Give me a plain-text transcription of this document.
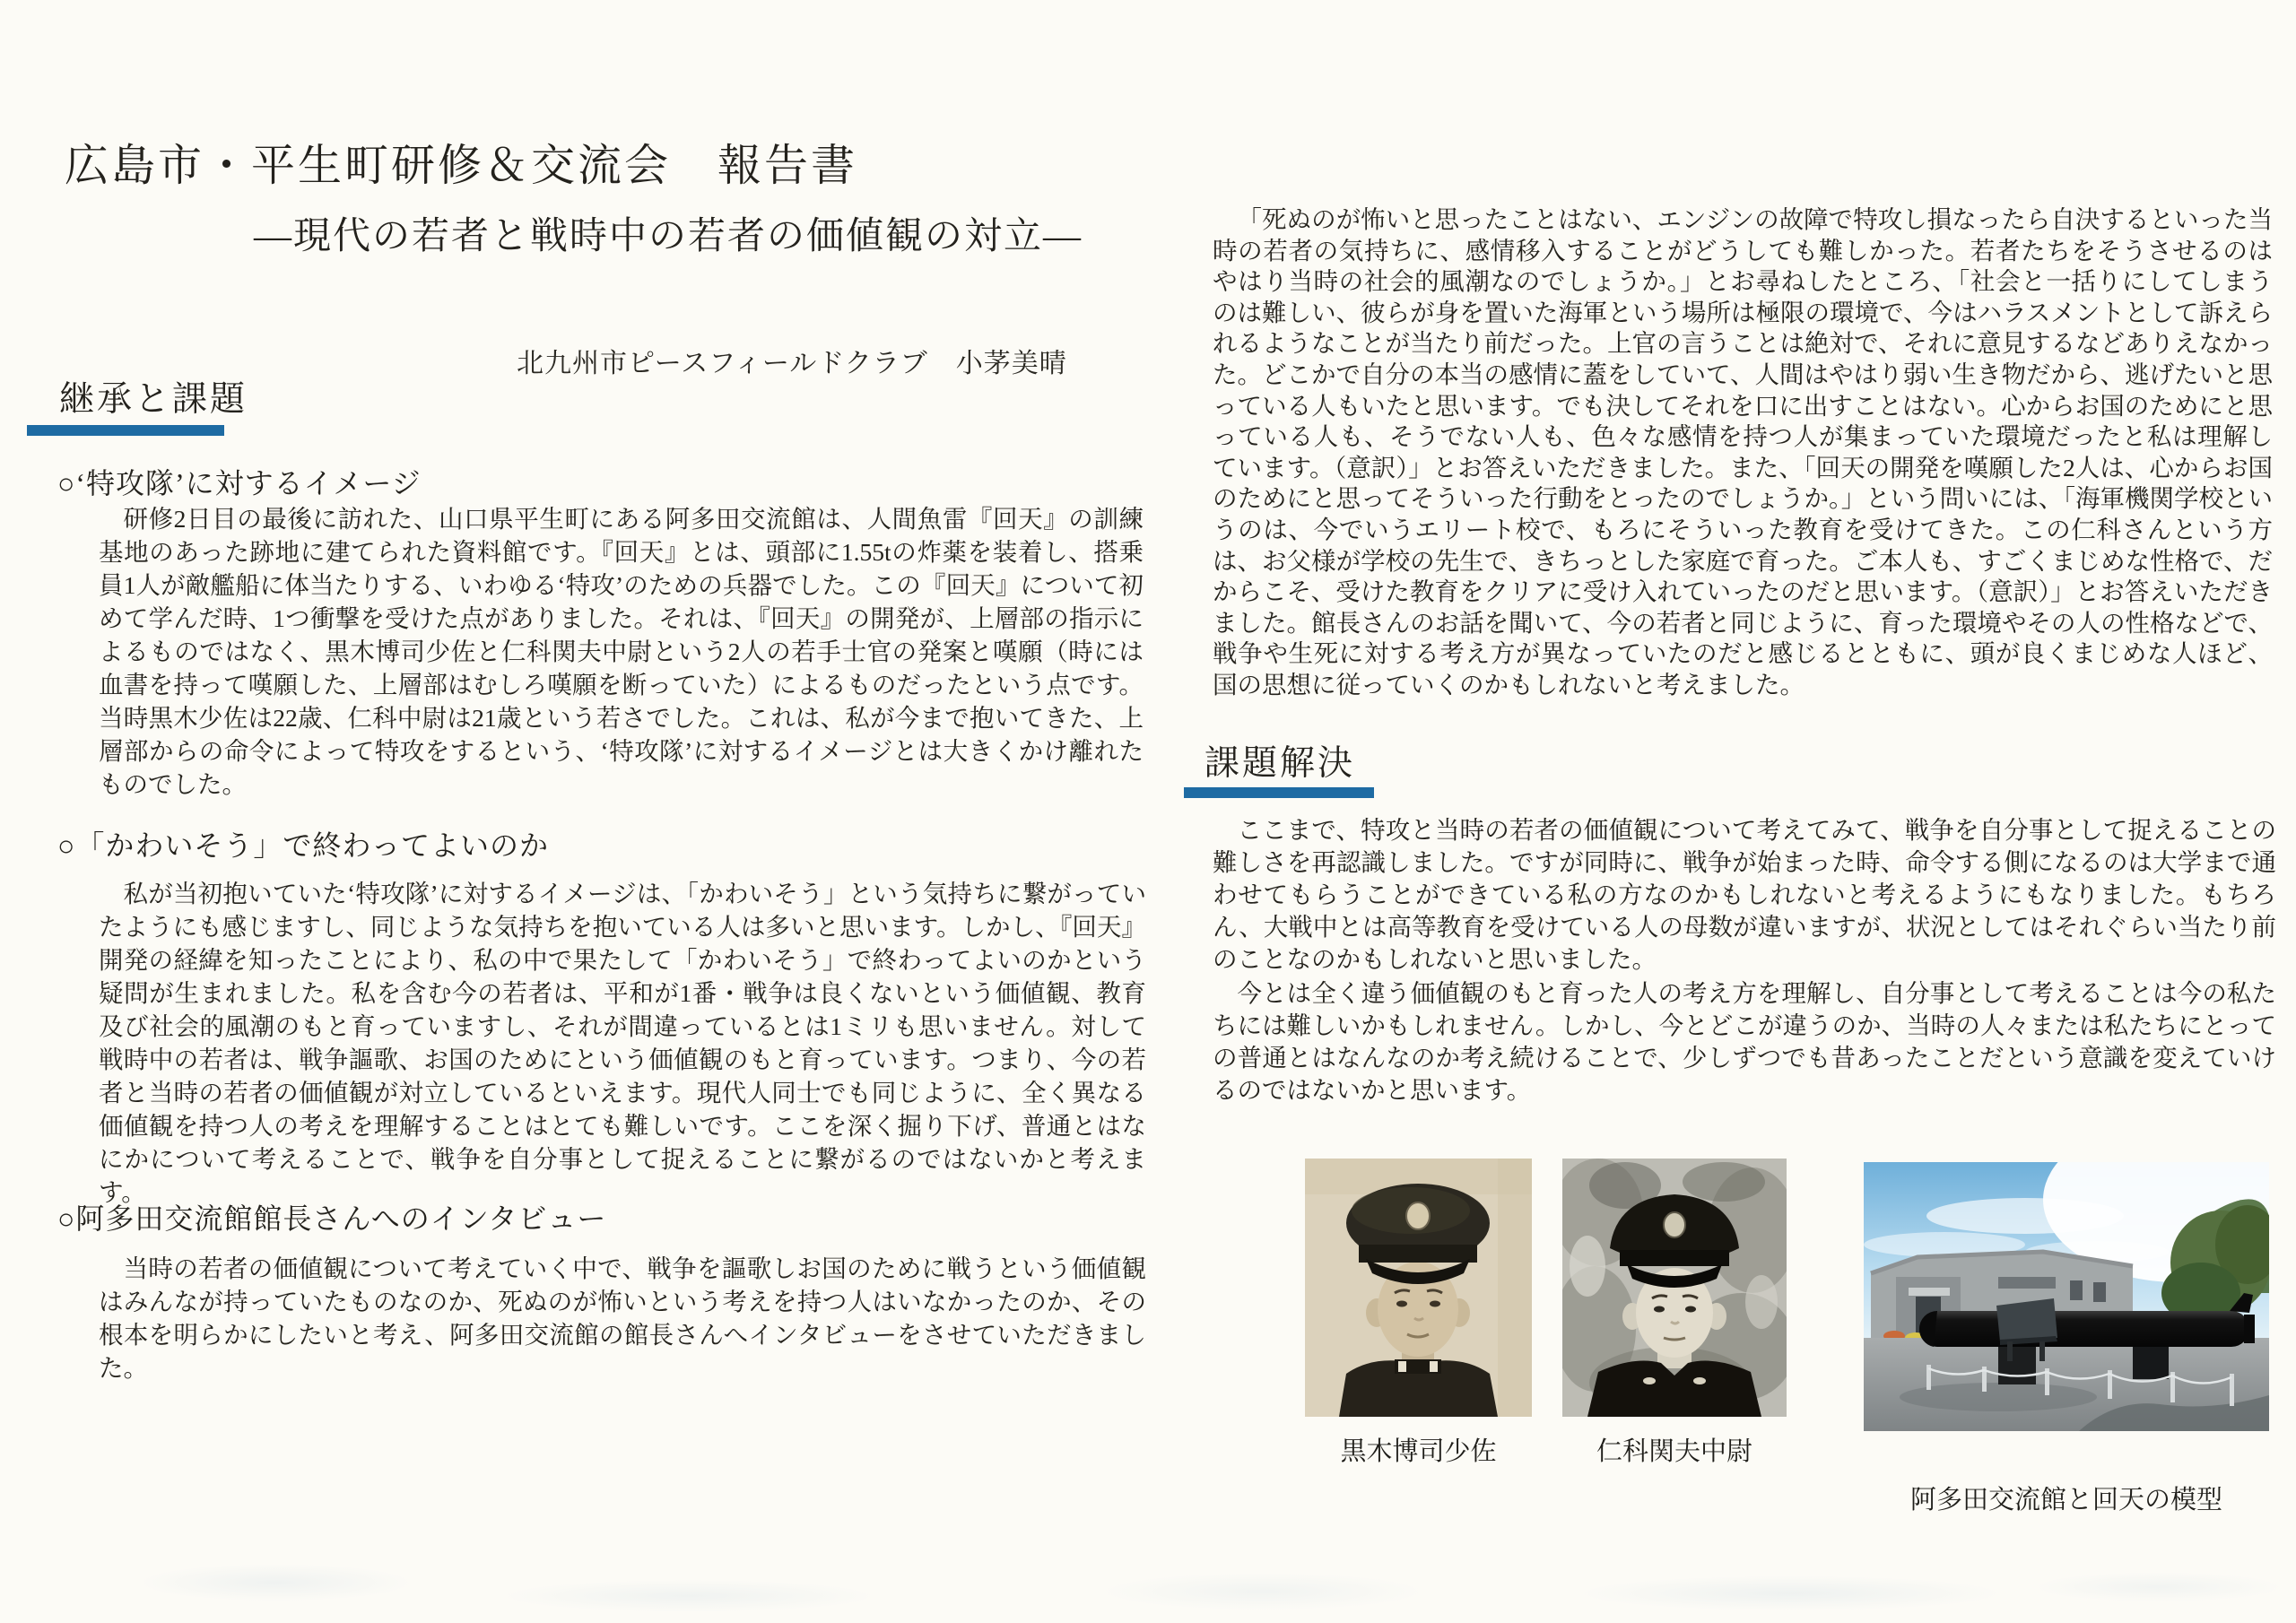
広島市・平生町研修＆交流会　報告書
―現代の若者と戦時中の若者の価値観の対立―
北九州市ピースフィールドクラブ　小茅美晴
継承と課題
○‘特攻隊’に対するイメージ

研修2日目の最後に訪れた、山口県平生町にある阿多田交流館は、人間魚雷『回天』の訓練基地のあった跡地に建てられた資料館です。『回天』とは、頭部に1.55tの炸薬を装着し、搭乗員1人が敵艦船に体当たりする、いわゆる‘特攻’のための兵器でした。この『回天』について初めて学んだ時、1つ衝撃を受けた点がありました。それは、『回天』の開発が、上層部の指示によるものではなく、黒木博司少佐と仁科関夫中尉という2人の若手士官の発案と嘆願（時には血書を持って嘆願した、上層部はむしろ嘆願を断っていた）によるものだったという点です。当時黒木少佐は22歳、仁科中尉は21歳という若さでした。これは、私が今まで抱いてきた、上層部からの命令によって特攻をするという、‘特攻隊’に対するイメージとは大きくかけ離れたものでした。

○「かわいそう」で終わってよいのか

私が当初抱いていた‘特攻隊’に対するイメージは、「かわいそう」という気持ちに繋がっていたようにも感じますし、同じような気持ちを抱いている人は多いと思います。しかし、『回天』開発の経緯を知ったことにより、私の中で果たして「かわいそう」で終わってよいのかという疑問が生まれました。私を含む今の若者は、平和が1番・戦争は良くないという価値観、教育及び社会的風潮のもと育っていますし、それが間違っているとは1ミリも思いません。対して戦時中の若者は、戦争謳歌、お国のためにという価値観のもと育っています。つまり、今の若者と当時の若者の価値観が対立しているといえます。現代人同士でも同じように、全く異なる価値観を持つ人の考えを理解することはとても難しいです。ここを深く掘り下げ、普通とはなにかについて考えることで、戦争を自分事として捉えることに繋がるのではないかと考えます。

○阿多田交流館館長さんへのインタビュー

当時の若者の価値観について考えていく中で、戦争を謳歌しお国のために戦うという価値観はみんなが持っていたものなのか、死ぬのが怖いという考えを持つ人はいなかったのか、その根本を明らかにしたいと考え、阿多田交流館の館長さんへインタビューをさせていただきました。

「死ぬのが怖いと思ったことはない、エンジンの故障で特攻し損なったら自決するといった当時の若者の気持ちに、感情移入することがどうしても難しかった。若者たちをそうさせるのはやはり当時の社会的風潮なのでしょうか。」とお尋ねしたところ、「社会と一括りにしてしまうのは難しい、彼らが身を置いた海軍という場所は極限の環境で、今はハラスメントとして訴えられるようなことが当たり前だった。上官の言うことは絶対で、それに意見するなどありえなかった。どこかで自分の本当の感情に蓋をしていて、人間はやはり弱い生き物だから、逃げたいと思っている人もいたと思います。でも決してそれを口に出すことはない。心からお国のためにと思っている人も、そうでない人も、色々な感情を持つ人が集まっていた環境だったと私は理解しています。（意訳）」とお答えいただきました。また、「回天の開発を嘆願した2人は、心からお国のためにと思ってそういった行動をとったのでしょうか。」という問いには、「海軍機関学校というのは、今でいうエリート校で、もろにそういった教育を受けてきた。この仁科さんという方は、お父様が学校の先生で、きちっとした家庭で育った。ご本人も、すごくまじめな性格で、だからこそ、受けた教育をクリアに受け入れていったのだと思います。（意訳）」とお答えいただきました。館長さんのお話を聞いて、今の若者と同じように、育った環境やその人の性格などで、戦争や生死に対する考え方が異なっていたのだと感じるとともに、頭が良くまじめな人ほど、国の思想に従っていくのかもしれないと考えました。

課題解決

ここまで、特攻と当時の若者の価値観について考えてみて、戦争を自分事として捉えることの難しさを再認識しました。ですが同時に、戦争が始まった時、命令する側になるのは大学まで通わせてもらうことができている私の方なのかもしれないと考えるようにもなりました。もちろん、大戦中とは高等教育を受けている人の母数が違いますが、状況としてはそれぐらい当たり前のことなのかもしれないと思いました。

今とは全く違う価値観のもと育った人の考え方を理解し、自分事として考えることは今の私たちには難しいかもしれません。しかし、今とどこが違うのか、当時の人々または私たちにとっての普通とはなんなのか考え続けることで、少しずつでも昔あったことだという意識を変えていけるのではないかと思います。

黒木博司少佐	仁科関夫中尉
阿多田交流館と回天の模型
